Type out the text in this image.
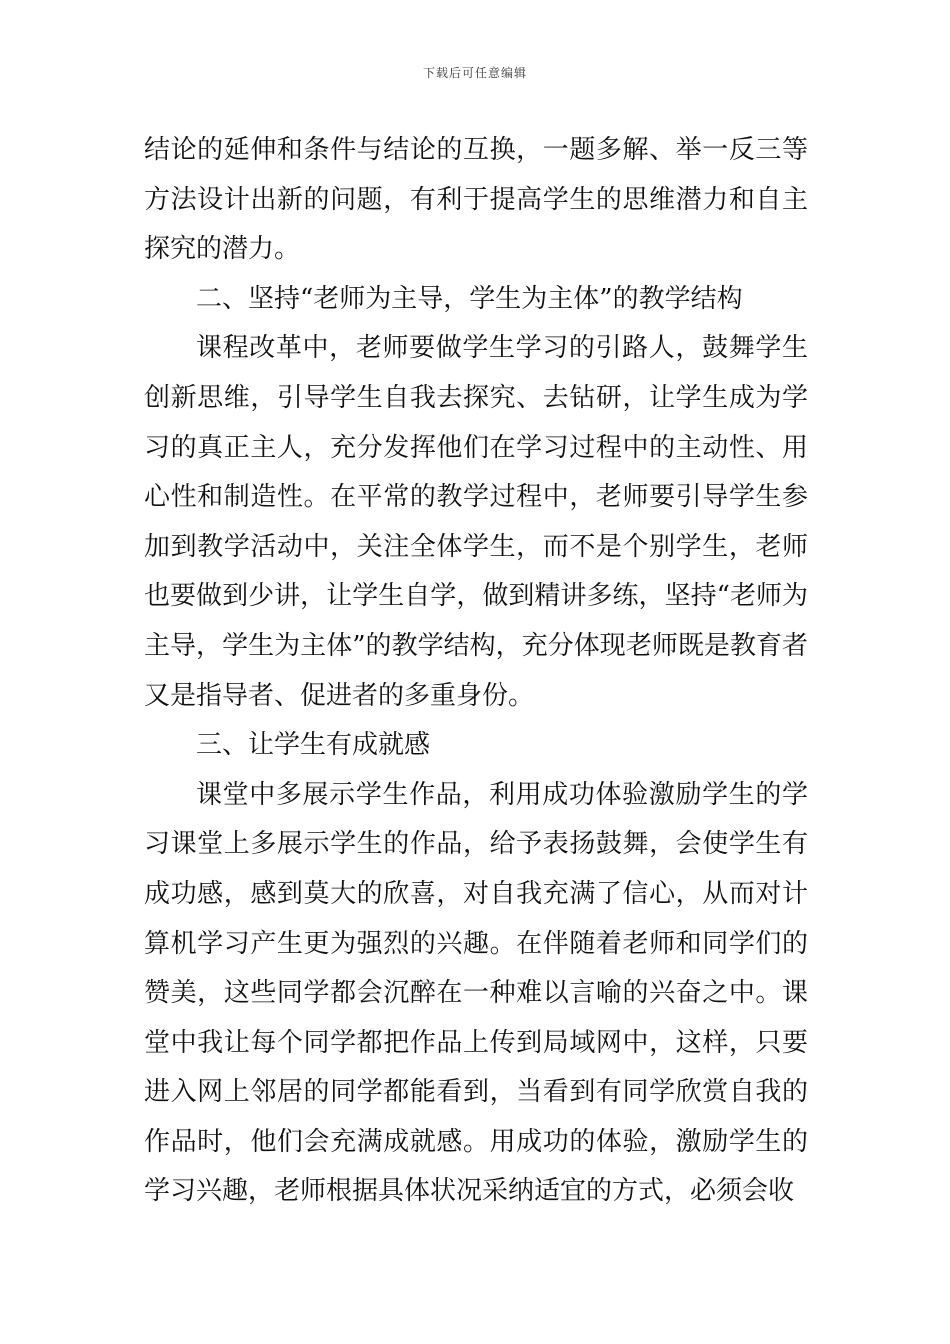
下载后可任意编辑

结论的延伸和条件与结论的互换，一题多解、举一反三等方法设计出新的问题，有利于提高学生的思维潜力和自主探究的潜力。

二、坚持“老师为主导，学生为主体”的教学结构

课程改革中，老师要做学生学习的引路人，鼓舞学生创新思维，引导学生自我去探究、去钻研，让学生成为学习的真正主人，充分发挥他们在学习过程中的主动性、用心性和制造性。在平常的教学过程中，老师要引导学生参加到教学活动中，关注全体学生，而不是个别学生，老师也要做到少讲，让学生自学，做到精讲多练，坚持“老师为主导，学生为主体”的教学结构，充分体现老师既是教育者又是指导者、促进者的多重身份。

三、让学生有成就感

课堂中多展示学生作品，利用成功体验激励学生的学习课堂上多展示学生的作品，给予表扬鼓舞，会使学生有成功感，感到莫大的欣喜，对自我充满了信心，从而对计算机学习产生更为强烈的兴趣。在伴随着老师和同学们的赞美，这些同学都会沉醉在一种难以言喻的兴奋之中。课堂中我让每个同学都把作品上传到局域网中，这样，只要进入网上邻居的同学都能看到，当看到有同学欣赏自我的作品时，他们会充满成就感。用成功的体验，激励学生的学习兴趣，老师根据具体状况采纳适宜的方式，必须会收
